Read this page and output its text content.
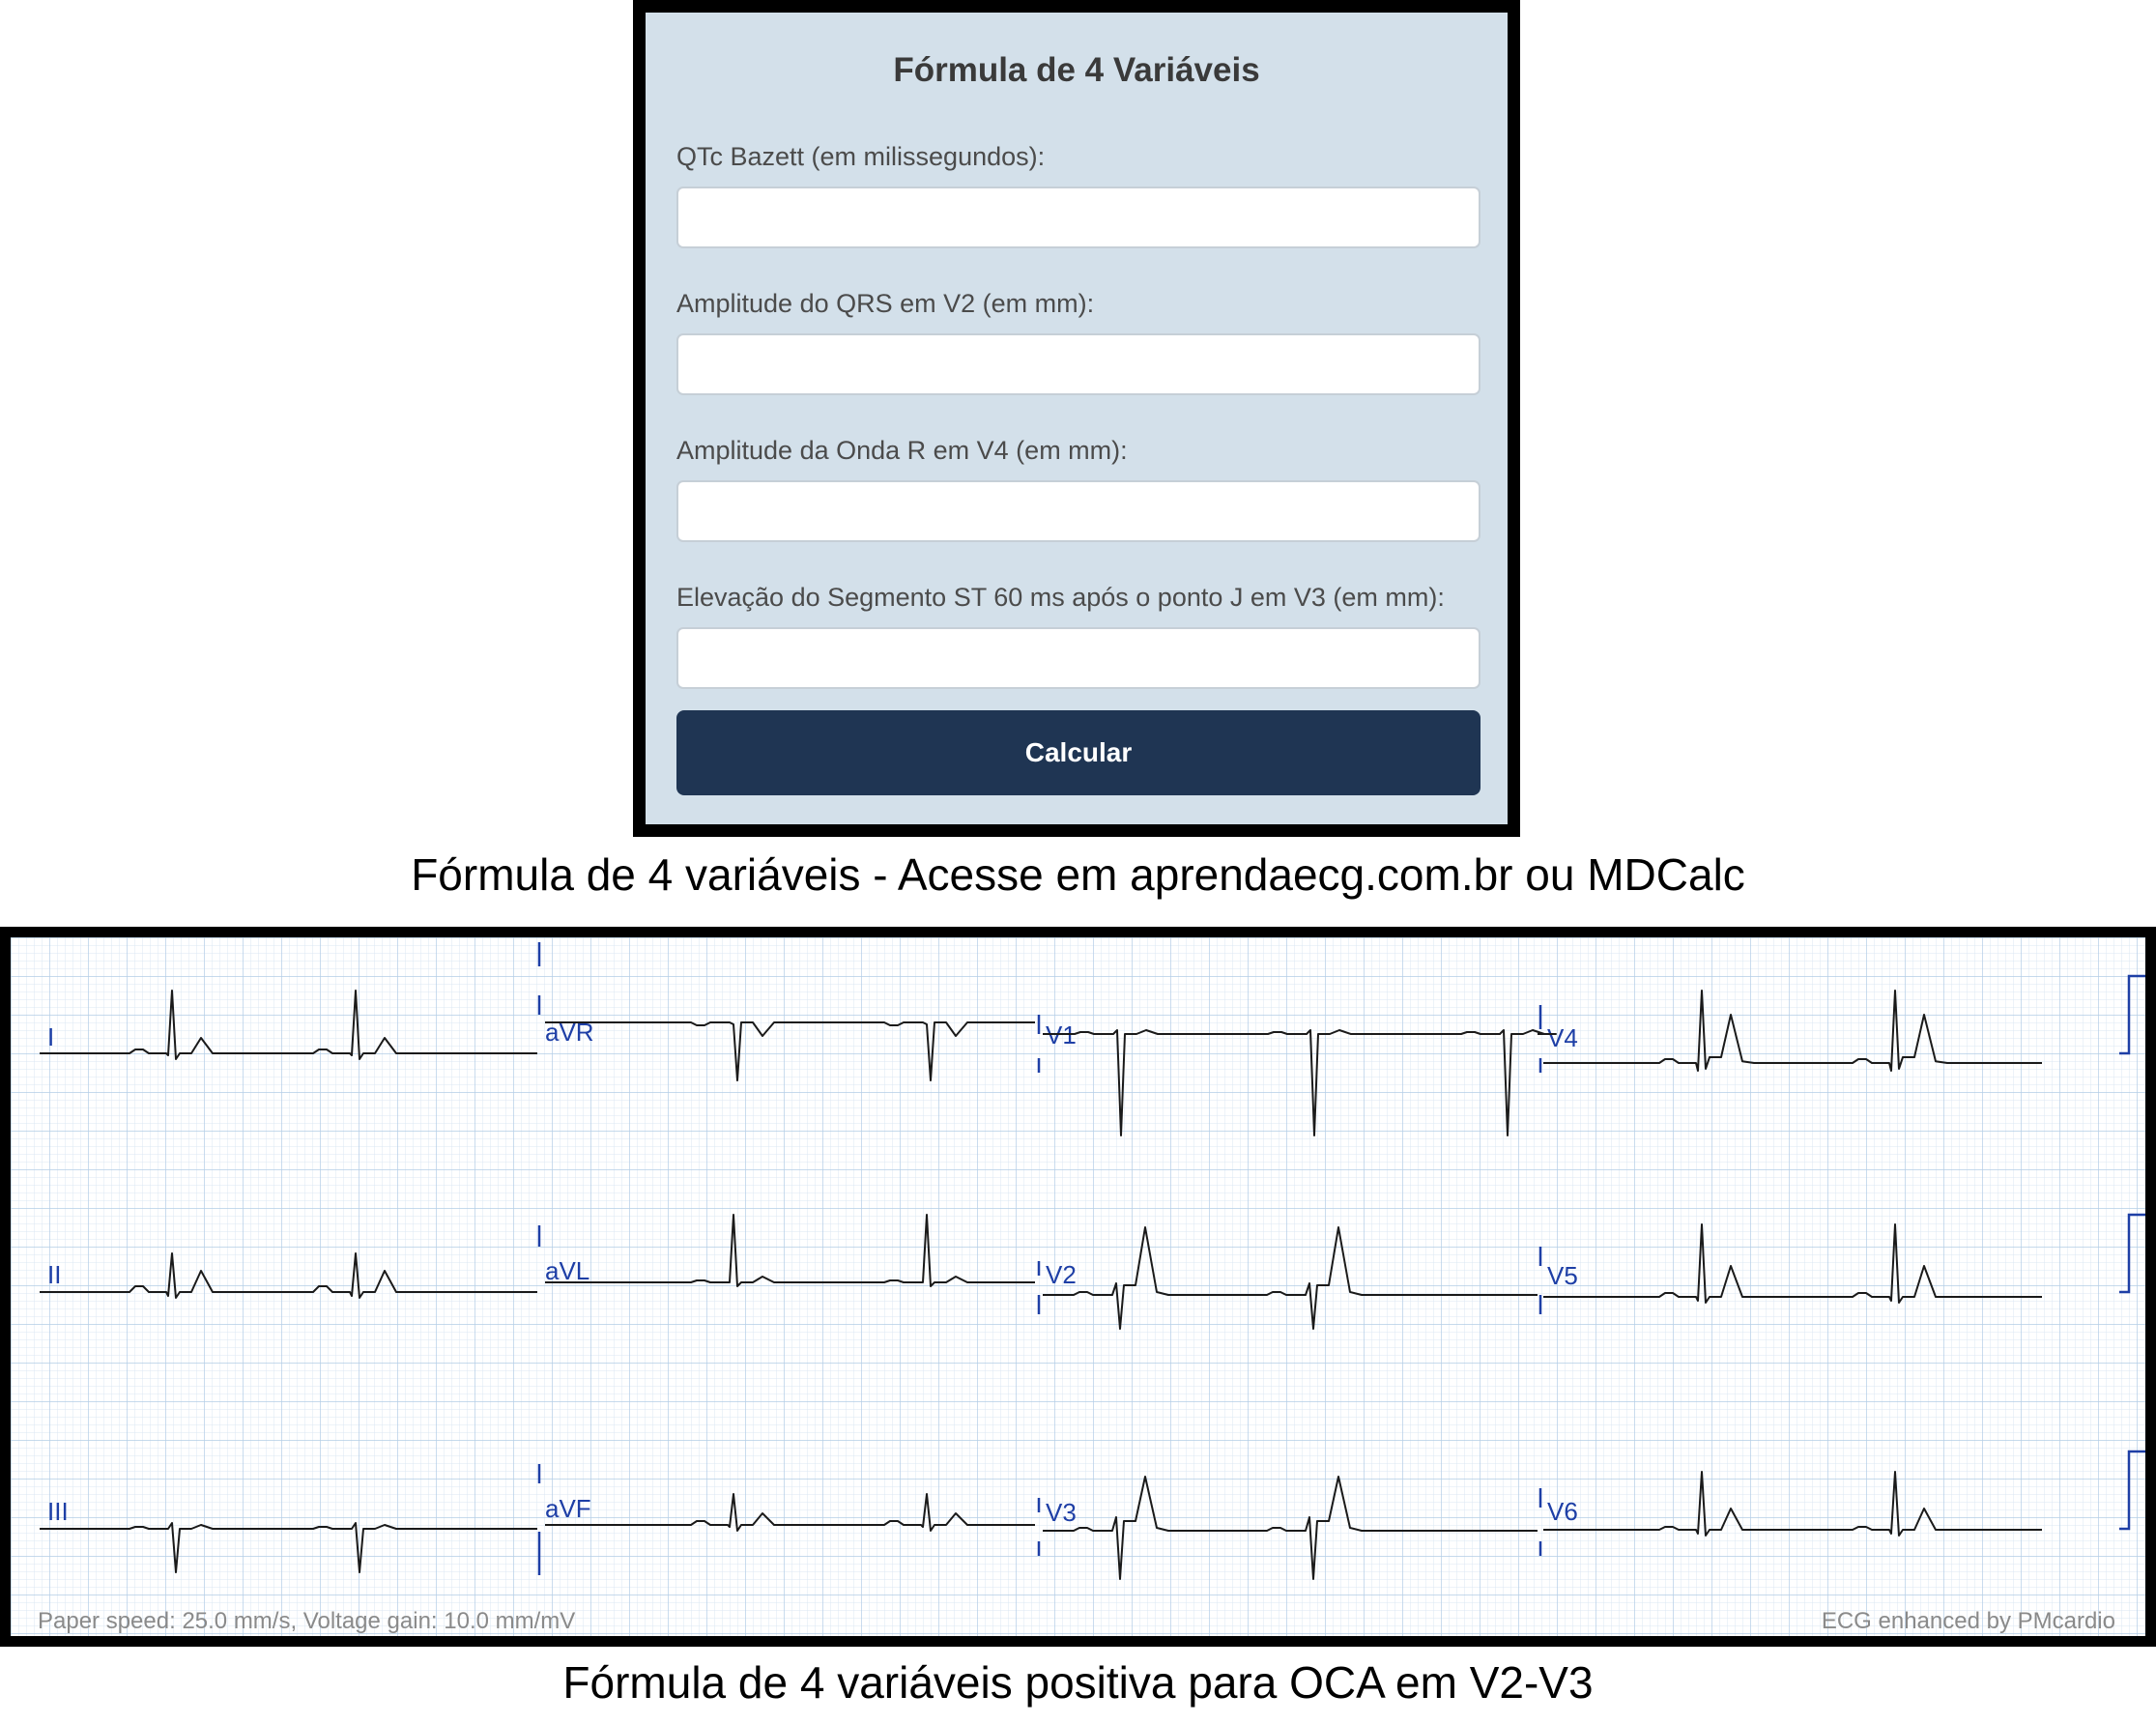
Fórmula de 4 Variáveis
QTc Bazett (em milissegundos):
Amplitude do QRS em V2 (em mm):
Amplitude da Onda R em V4 (em mm):
Elevação do Segmento ST 60 ms após o ponto J em V3 (em mm):
Calcular
Fórmula de 4 variáveis - Acesse em aprendaecg.com.br ou MDCalc
I	aVR	V1	V4
II	aVL	V2	V5
III	aVF	V3	V6
Paper speed: 25.0 mm/s, Voltage gain: 10.0 mm/mV	ECG enhanced by PMcardio
Fórmula de 4 variáveis positiva para OCA em V2-V3
